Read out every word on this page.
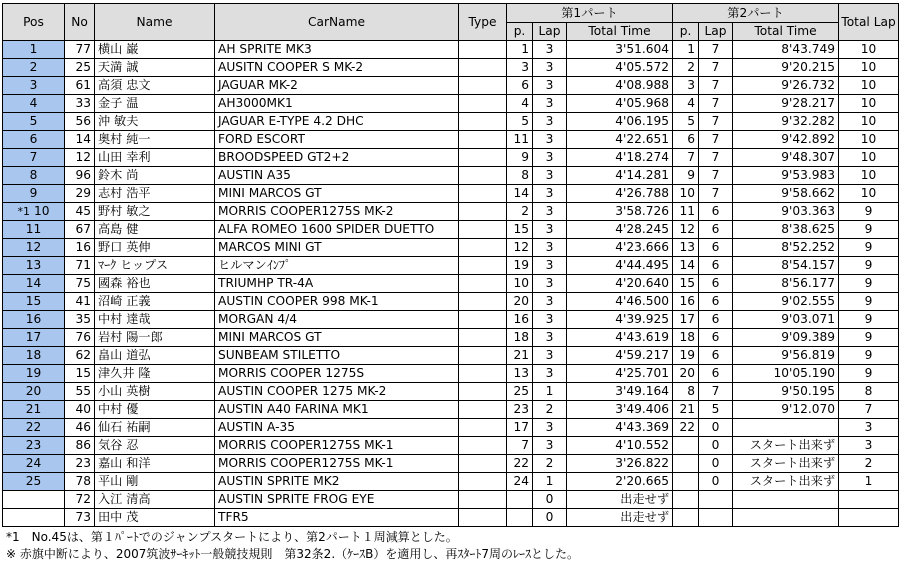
Pos	No	Name	CarName	Type	第1パート			第2パート			Total Lap
					p.	Lap	Total Time	p.	Lap	Total Time	
1	77	横山 巌	AH SPRITE MK3		1	3	3'51.604	1	7	8'43.749	10
2	25	天満 誠	AUSITN COOPER S MK-2		3	3	4'05.572	2	7	9'20.215	10
3	61	高須 忠文	JAGUAR MK-2		6	3	4'08.988	3	7	9'26.732	10
4	33	金子 温	AH3000MK1		4	3	4'05.968	4	7	9'28.217	10
5	56	沖 敏夫	JAGUAR E-TYPE 4.2 DHC		5	3	4'06.195	5	7	9'32.282	10
6	14	奥村 純一	FORD ESCORT		11	3	4'22.651	6	7	9'42.892	10
7	12	山田 幸利	BROODSPEED GT2+2		9	3	4'18.274	7	7	9'48.307	10
8	96	鈴木 尚	AUSTIN A35		8	3	4'14.281	9	7	9'53.983	10
9	29	志村 浩平	MINI MARCOS GT		14	3	4'26.788	10	7	9'58.662	10
*1 10	45	野村 敏之	MORRIS COOPER1275S MK-2		2	3	3'58.726	11	6	9'03.363	9
11	67	高島 健	ALFA ROMEO 1600 SPIDER DUETTO		15	3	4'28.245	12	6	8'38.625	9
12	16	野口 英伸	MARCOS MINI GT		12	3	4'23.666	13	6	8'52.252	9
13	71	ﾏｰｸ ヒップス	ヒルマンｲﾝﾌﾟ		19	3	4'44.495	14	6	8'54.157	9
14	75	國森 裕也	TRIUMHP TR-4A		10	3	4'20.640	15	6	8'56.177	9
15	41	沼崎 正義	AUSTIN COOPER 998 MK-1		20	3	4'46.500	16	6	9'02.555	9
16	35	中村 達哉	MORGAN 4/4		16	3	4'39.925	17	6	9'03.071	9
17	76	岩村 陽一郎	MINI MARCOS GT		18	3	4'43.619	18	6	9'09.389	9
18	62	畠山 道弘	SUNBEAM STILETTO		21	3	4'59.217	19	6	9'56.819	9
19	15	津久井 隆	MORRIS COOPER 1275S		13	3	4'25.701	20	6	10'05.190	9
20	55	小山 英樹	AUSTIN COOPER 1275 MK-2		25	1	3'49.164	8	7	9'50.195	8
21	40	中村 優	AUSTIN A40 FARINA MK1		23	2	3'49.406	21	5	9'12.070	7
22	46	仙石 祐嗣	AUSTIN A-35		17	3	4'43.369	22	0		3
23	86	気谷 忍	MORRIS COOPER1275S MK-1		7	3	4'10.552		0	スタート出来ず	3
24	23	嘉山 和洋	MORRIS COOPER1275S MK-1		22	2	3'26.822		0	スタート出来ず	2
25	78	平山 剛	AUSTIN SPRITE MK2		24	1	2'20.665		0	スタート出来ず	1
	72	入江 清高	AUSTIN SPRITE FROG EYE			0	出走せず				
	73	田中 茂	TFR5			0	出走せず				
*1　No.45は、第１ﾊﾟｰﾄでのジャンプスタートにより、第2パート１周減算とした。
※ 赤旗中断により、2007筑波ｻｰｷｯﾄ一般競技規則　第32条2.（ｹｰｽB）を適用し、再ｽﾀｰﾄ7周のﾚｰｽとした。
